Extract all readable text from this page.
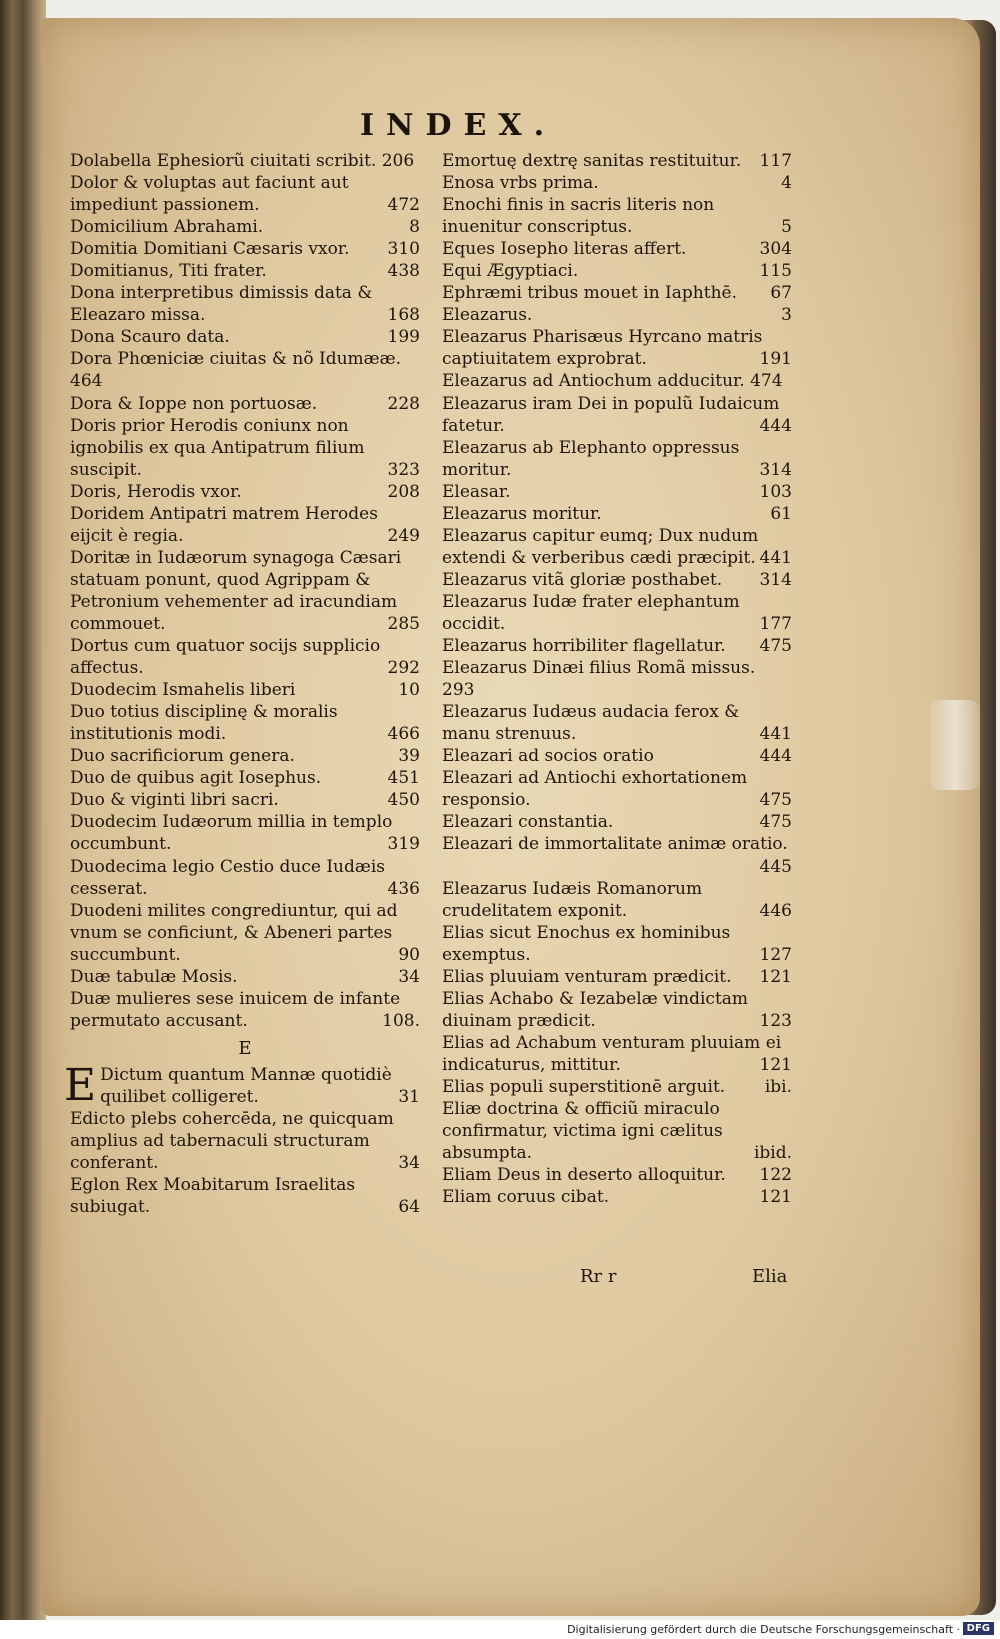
INDEX.
Dolabella Ephesiorũ ciuitati scribit. 206
Dolor & voluptas aut faciunt aut impediunt passionem.	472
Domicilium Abrahami.	8
Domitia Domitiani Cæsaris vxor. 310
Domitianus, Titi frater.	438
Dona interpretibus dimissis data & Eleazaro missa.	168
Dona Scauro data.	199
Dora Phœniciæ ciuitas & nõ Idumææ. 464
Dora & Ioppe non portuosæ.	228
Doris prior Herodis coniunx non ignobilis ex qua Antipatrum filium suscipit.	323
Doris, Herodis vxor.	208
Doridem Antipatri matrem Herodes eijcit è regia.	249
Doritæ in Iudæorum synagoga Cæsari statuam ponunt, quod Agrippam & Petronium vehementer ad iracundiam commouet.	285
Dortus cum quatuor socijs supplicio affectus.	292
Duodecim Ismahelis liberi	10
Duo totius disciplinę & moralis institutionis modi.	466
Duo sacrificiorum genera.	39
Duo de quibus agit Iosephus.	451
Duo & viginti libri sacri.	450
Duodecim Iudæorum millia in templo occumbunt.	319
Duodecima legio Cestio duce Iudæis cesserat.	436
Duodeni milites congrediuntur, qui ad vnum se conficiunt, & Abeneri partes succumbunt.	90
Duæ tabulæ Mosis.	34
Duæ mulieres sese inuicem de infante permutato accusant.	108.
E
E Dictum quantum Mannæ quotidiè quilibet colligeret.	31
Edicto plebs cohercēda, ne quicquam amplius ad tabernaculi structuram conferant.	34
Eglon Rex Moabitarum Israelitas subiugat.	64
Emortuę dextrę sanitas restituitur. 117
Enosa vrbs prima.	4
Enochi finis in sacris literis non inuenitur conscriptus.	5
Eques Iosepho literas affert.	304
Equi Ægyptiaci.	115
Ephræmi tribus mouet in Iaphthē. 67
Eleazarus.	3
Eleazarus Pharisæus Hyrcano matris captiuitatem exprobrat.	191
Eleazarus ad Antiochum adducitur. 474
Eleazarus iram Dei in populũ Iudaicum fatetur.	444
Eleazarus ab Elephanto oppressus moritur.	314
Eleasar.	103
Eleazarus moritur.	61
Eleazarus capitur eumq; Dux nudum extendi & verberibus cædi præcipit. 441
Eleazarus vitã gloriæ posthabet. 314
Eleazarus Iudæ frater elephantum occidit.	177
Eleazarus horribiliter flagellatur. 475
Eleazarus Dinæi filius Romã missus. 293
Eleazarus Iudæus audacia ferox & manu strenuus.	441
Eleazari ad socios oratio	444
Eleazari ad Antiochi exhortationem responsio.	475
Eleazari constantia.	475
Eleazari de immortalitate animæ oratio.
445
Eleazarus Iudæis Romanorum crudelitatem exponit.	446
Elias sicut Enochus ex hominibus exemptus.	127
Elias pluuiam venturam prædicit. 121
Elias Achabo & Iezabelæ vindictam diuinam prædicit.	123
Elias ad Achabum venturam pluuiam ei indicaturus, mittitur.	121
Elias populi superstitionē arguit. ibi.
Eliæ doctrina & officiũ miraculo confirmatur, victima igni cælitus absumpta.	ibid.
Eliam Deus in deserto alloquitur. 122
Eliam coruus cibat.	121
Rr r	Elia
Digitalisierung gefördert durch die Deutsche Forschungsgemeinschaft · DFG
